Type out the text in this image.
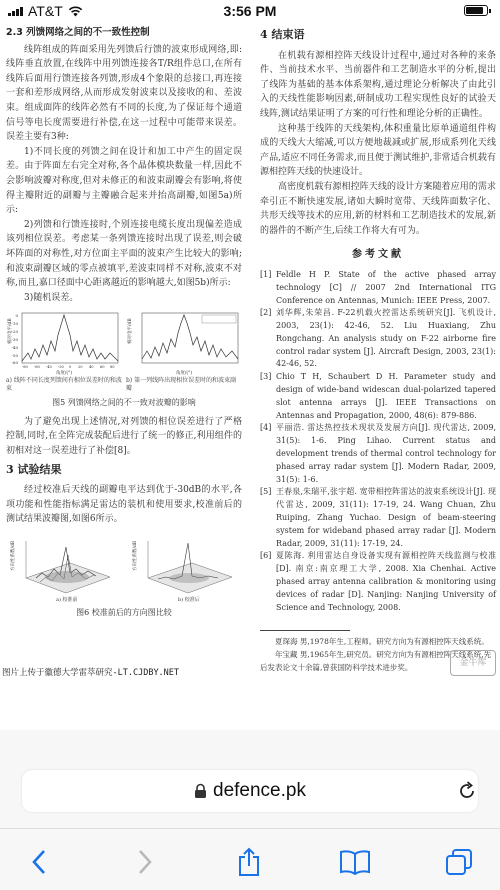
AT&T	3:56 PM
2.3 列馈网络之间的不一致性控制

线阵组成的阵面采用先列馈后行馈的波束形成网络,即:线阵垂直放置,在线阵中用列馈连接各T/R组件总口,在所有线阵后面用行馈连接各列馈,形成4个象限的总接口,再连接一套和差形成网络,从而形成发射波束以及接收的和、差波束。组成面阵的线阵必然有不同的长度,为了保证每个通道信号等电长度需要进行补偿,在这一过程中可能带来误差。误差主要有3种:

1)不同长度的列馈之间在设计和加工中产生的固定误差。由于阵面左右完全对称,各个晶体模块数量一样,因此不会影响波瓣对称度,但对未修正的和波束副瓣会有影响,将使得主瓣附近的副瓣与主瓣融合起来并抬高副瓣,如图5a)所示:

2)列馈和行馈连接时,个别连接电缆长度出现偏差造成该列相位误差。考虑某一条列馈连接时出现了误差,则会破坏阵面的对称性,对方位面主平面的波束产生比较大的影响;和波束副瓣区域的零点被填平,差波束同样不对称,波束不对称,而且,嘉口径面中心距离越近的影响越大,如图5b)所示:

3)随机误差。

相对电平/dB
0
-10
-20
-30
-40
-50
-60
-80 -60 -40 -20 0 20 40 60 80
角度/(°)
相对电平/dB
角度/(°)
a) 线阵不同长度列馈间有相位误差时的和波束
b) 第一列线阵出现相位误差时的和波束副瓣
图5 列馈网络之间的不一致对波瓣的影响

为了避免出现上述情况,对列馈的相位误差进行了严格控制,同时,在全阵完成装配后进行了统一的修正,利用组件的初相对这一误差进行了补偿[8]。

3 试验结果

经过校准后天线的副瓣电平达到优于-30dB的水平,各项功能和性能指标满足雷达的装机和使用要求,校准前后的测试结果波瓣图,如图6所示。

方向性系数/dB
a) 校准前
方向性系数/dB
b) 校准后
图6 校准前后的方向图比较
4 结束语

在机载有源相控阵天线设计过程中,通过对各种的来条件、当前技术水平、当前器件和工艺制造水平的分析,提出了线阵为基础的基本体系架构,通过理论分析解决了由此引入的天线性能影响因素,研制成功工程实现性良好的试验天线阵,测试结果证明了方案的可行性和理论分析的正确性。

这种基于线阵的天线架构,体积重量比原单通道组件构成的天线大大缩减,可以方便地裁减或扩展,形成系列化天线产品,适应不同任务需求,而且便于测试维护,非常适合机载有源相控阵天线的快速设计。

高密度机载有源相控阵天线的设计方案随着应用的需求牵引正不断快速发展,诸如大瞬时宽带、天线阵面数字化、共形天线等技术的应用,新的材料和工艺制造技术的发展,新的器件的不断产生,后续工作将大有可为。

参考文献
[1] Feldle H P. State of the active phased array technology [C] // 2007 2nd International ITG Conference on Antennas, Munich: IEEE Press, 2007.
[2] 刘华辉,朱荣昌. F-22机载火控雷达系统研究[J]. 飞机设计, 2003, 23(1): 42-46, 52. Liu Huaxiang, Zhu Rongchang. An analysis study on F-22 airborne fire control radar system [J]. Aircraft Design, 2003, 23(1): 42-46, 52.
[3] Chio T H, Schaubert D H. Parameter study and design of wide-band widescan dual-polarized tapered slot antenna arrays [J]. IEEE Transactions on Antennas and Propagation, 2000, 48(6): 879-886.
[4] 平丽浩. 雷达热控技术现状及发展方向[J]. 现代雷达, 2009, 31(5): 1-6. Ping Lihao. Current status and development trends of thermal control technology for phased array radar system [J]. Modern Radar, 2009, 31(5): 1-6.
[5] 王春泉,朱瑞平,张宇超. 宽带相控阵雷达的波束系统设计[J]. 现代雷达, 2009, 31(11): 17-19, 24. Wang Chuan, Zhu Ruiping, Zhang Yuchao. Design of beam-steering system for wideband phased array radar [J]. Modern Radar, 2009, 31(11): 17-19, 24.
[6] 夏陈海. 利用雷达自身设备实现有源相控阵天线监测与校准[D]. 南京:南京理工大学, 2008. Xia Chenhai. Active phased array antenna calibration & monitoring using devices of radar [D]. Nanjing: Nanjing University of Science and Technology, 2008.

夏琛海 男,1978年生,工程师。研究方向为有源相控阵天线系统。

年宝藏 男,1965年生,研究员。研究方向为有源相控阵天线系统,先后发表论文十余篇,曾获国防科学技术进步奖。

图片上传于徽德大学雷萃研究-LT.CJDBY.NET
金牛库
defence.pk
